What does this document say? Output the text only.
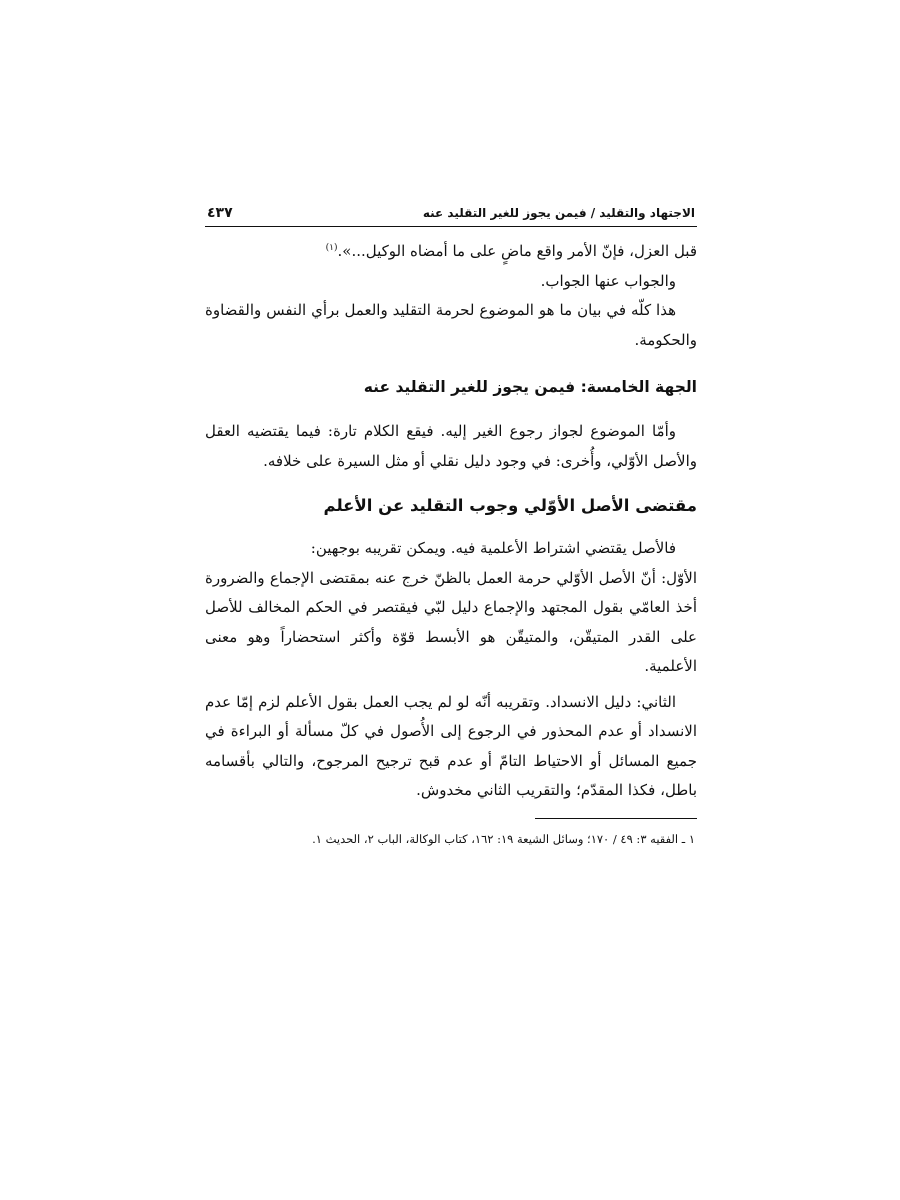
الاجتهاد والتقليد / فيمن يجوز للغير التقليد عنه
٤٣٧

قبل العزل، فإنّ الأمر واقع ماضٍ على ما أمضاه الوكيل...».$^{(١)}$

والجواب عنها الجواب.

هذا كلّه في بيان ما هو الموضوع لحرمة التقليد والعمل برأي النفس والقضاوة والحكومة.

الجهة الخامسة: فيمن يجوز للغير التقليد عنه

وأمّا الموضوع لجواز رجوع الغير إليه. فيقع الكلام تارة: فيما يقتضيه العقل والأصل الأوّلي، وأُخرى: في وجود دليل نقلي أو مثل السيرة على خلافه.

مقتضى الأصل الأوّلي وجوب التقليد عن الأعلم

فالأصل يقتضي اشتراط الأعلمية فيه. ويمكن تقريبه بوجهين:

الأوّل: أنّ الأصل الأوّلي حرمة العمل بالظنّ خرج عنه بمقتضى الإجماع والضرورة أخذ العامّي بقول المجتهد والإجماع دليل لبّي فيقتصر في الحكم المخالف للأصل على القدر المتيقّن، والمتيقّن هو الأبسط قوّة وأكثر استحضاراً وهو معنى الأعلمية.

الثاني: دليل الانسداد. وتقريبه أنّه لو لم يجب العمل بقول الأعلم لزم إمّا عدم الانسداد أو عدم المحذور في الرجوع إلى الأُصول في كلّ مسألة أو البراءة في جميع المسائل أو الاحتياط التامّ أو عدم قبح ترجيح المرجوح، والتالي بأقسامه باطل، فكذا المقدّم؛ والتقريب الثاني مخدوش.

١ ـ الفقيه ٣: ٤٩ / ١٧٠؛ وسائل الشيعة ١٩: ١٦٢، كتاب الوكالة، الباب ٢، الحديث ١.
